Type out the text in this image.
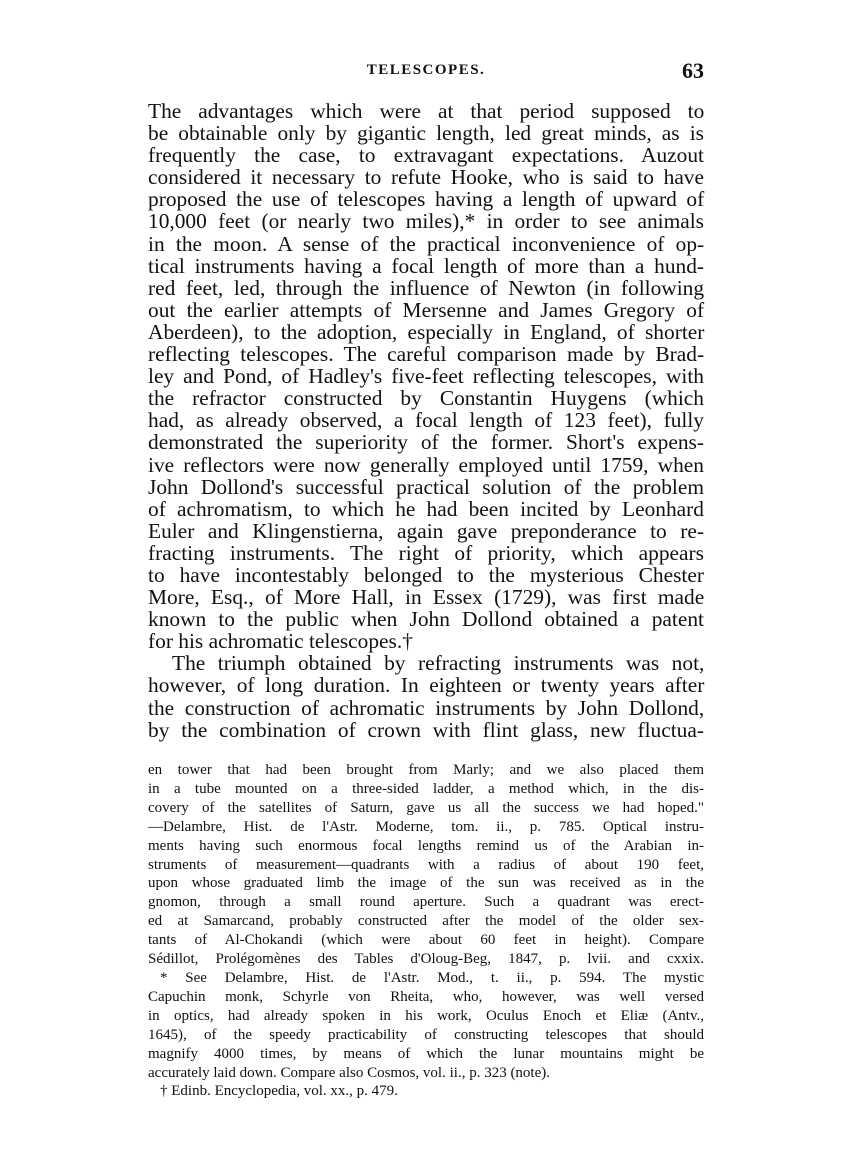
TELESCOPES.	63
The advantages which were at that period supposed to
be obtainable only by gigantic length, led great minds, as is
frequently the case, to extravagant expectations. Auzout
considered it necessary to refute Hooke, who is said to have
proposed the use of telescopes having a length of upward of
10,000 feet (or nearly two miles),* in order to see animals
in the moon. A sense of the practical inconvenience of op-
tical instruments having a focal length of more than a hund-
red feet, led, through the influence of Newton (in following
out the earlier attempts of Mersenne and James Gregory of
Aberdeen), to the adoption, especially in England, of shorter
reflecting telescopes. The careful comparison made by Brad-
ley and Pond, of Hadley's five-feet reflecting telescopes, with
the refractor constructed by Constantin Huygens (which
had, as already observed, a focal length of 123 feet), fully
demonstrated the superiority of the former. Short's expens-
ive reflectors were now generally employed until 1759, when
John Dollond's successful practical solution of the problem
of achromatism, to which he had been incited by Leonhard
Euler and Klingenstierna, again gave preponderance to re-
fracting instruments. The right of priority, which appears
to have incontestably belonged to the mysterious Chester
More, Esq., of More Hall, in Essex (1729), was first made
known to the public when John Dollond obtained a patent
for his achromatic telescopes.†
The triumph obtained by refracting instruments was not,
however, of long duration. In eighteen or twenty years after
the construction of achromatic instruments by John Dollond,
by the combination of crown with flint glass, new fluctua-
en tower that had been brought from Marly; and we also placed them
in a tube mounted on a three-sided ladder, a method which, in the dis-
covery of the satellites of Saturn, gave us all the success we had hoped."
—Delambre, Hist. de l'Astr. Moderne, tom. ii., p. 785. Optical instru-
ments having such enormous focal lengths remind us of the Arabian in-
struments of measurement—quadrants with a radius of about 190 feet,
upon whose graduated limb the image of the sun was received as in the
gnomon, through a small round aperture. Such a quadrant was erect-
ed at Samarcand, probably constructed after the model of the older sex-
tants of Al-Chokandi (which were about 60 feet in height). Compare
Sédillot, Prolégomènes des Tables d'Oloug-Beg, 1847, p. lvii. and cxxix.
* See Delambre, Hist. de l'Astr. Mod., t. ii., p. 594. The mystic
Capuchin monk, Schyrle von Rheita, who, however, was well versed
in optics, had already spoken in his work, Oculus Enoch et Eliæ (Antv.,
1645), of the speedy practicability of constructing telescopes that should
magnify 4000 times, by means of which the lunar mountains might be
accurately laid down. Compare also Cosmos, vol. ii., p. 323 (note).
† Edinb. Encyclopedia, vol. xx., p. 479.
